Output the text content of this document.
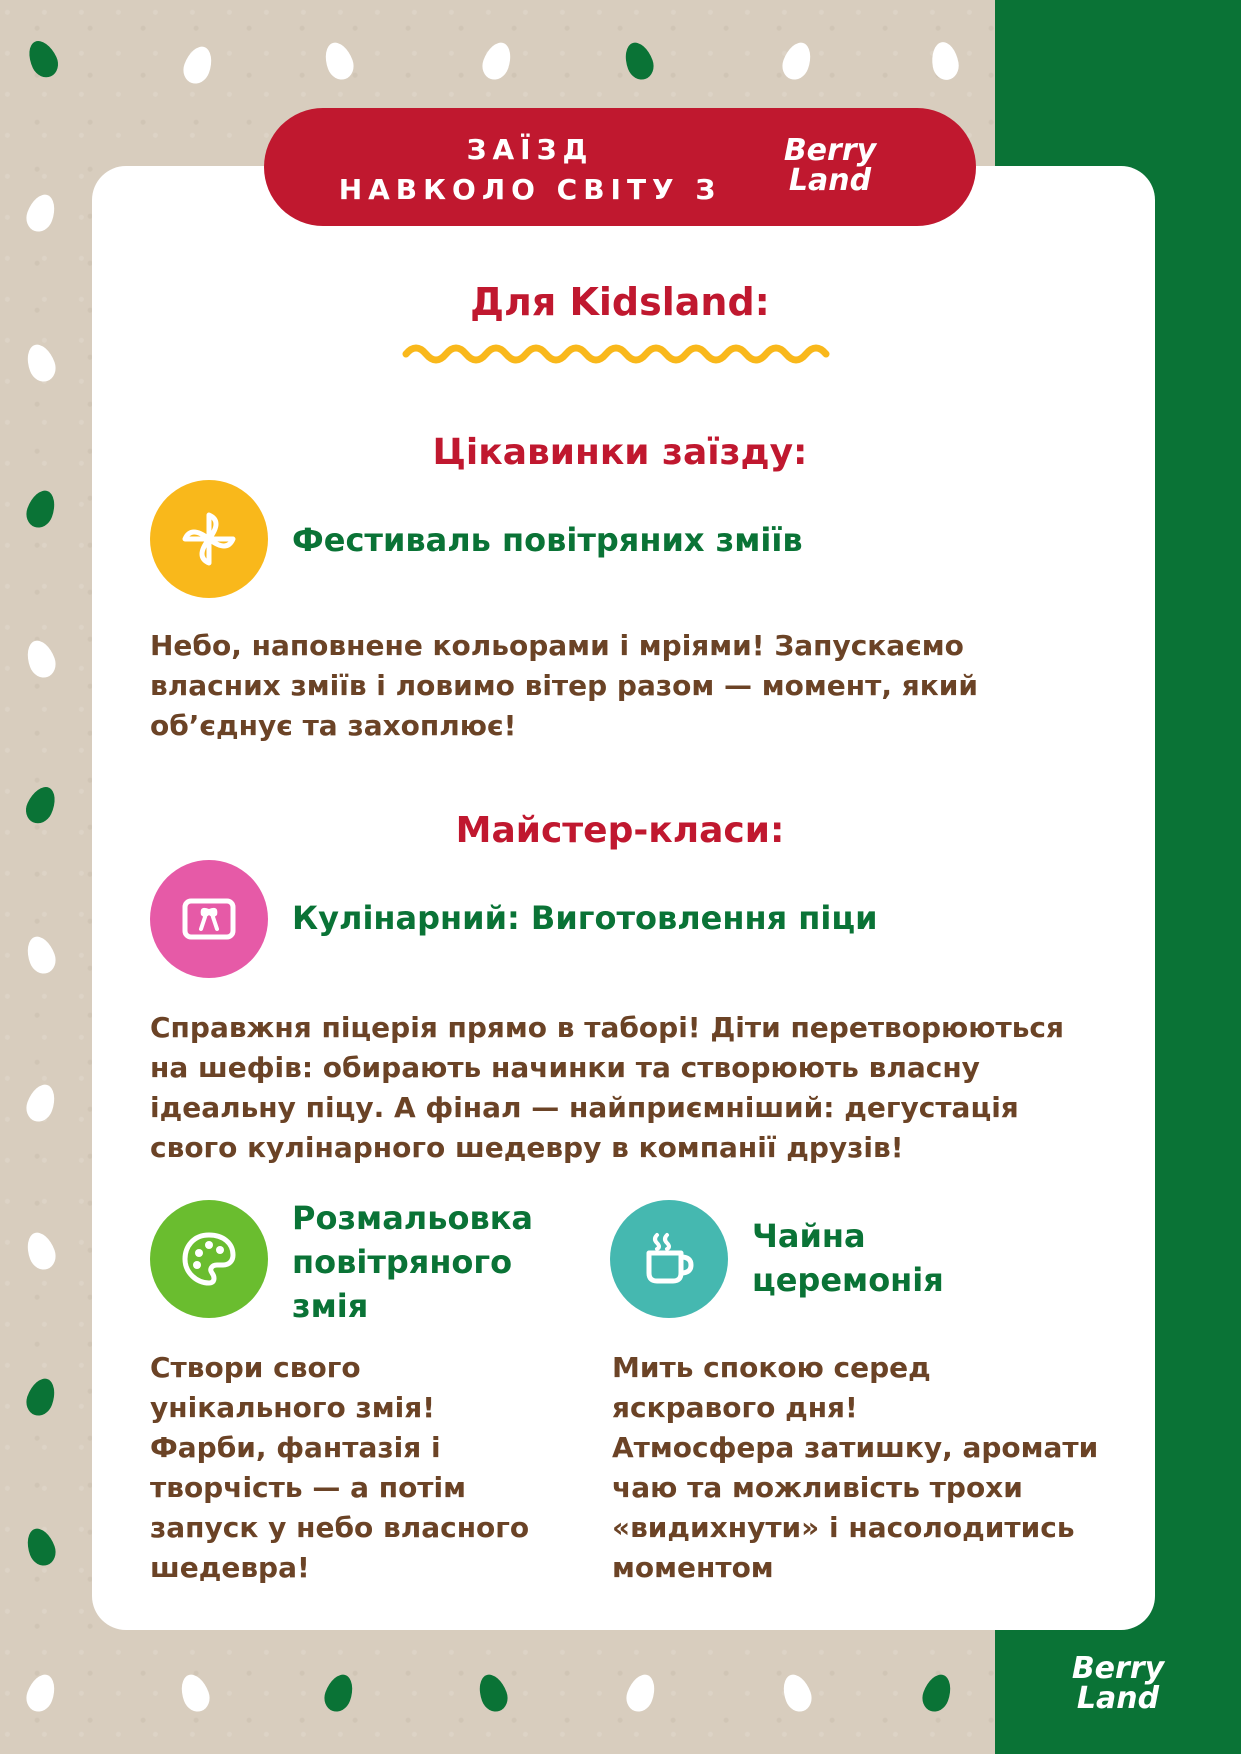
ЗАЇЗД
НАВКОЛО СВІТУ З
Berry
Land
Для Kidsland:
Цікавинки заїзду:
Фестиваль повітряних зміїв
Небо, наповнене кольорами і мріями! Запускаємо
власних зміїв і ловимо вітер разом — момент, який
об’єднує та захоплює!
Майстер-класи:
Кулінарний: Виготовлення піци
Справжня піцерія прямо в таборі! Діти перетворюються
на шефів: обирають начинки та створюють власну
ідеальну піцу. А фінал — найприємніший: дегустація
свого кулінарного шедевру в компанії друзів!
Розмальовка
повітряного
змія
Створи свого
унікального змія!
Фарби, фантазія і
творчість — а потім
запуск у небо власного
шедевра!
Чайна
церемонія
Мить спокою серед
яскравого дня!
Атмосфера затишку, аромати
чаю та можливість трохи
«видихнути» і насолодитись
моментом
Berry
Land
